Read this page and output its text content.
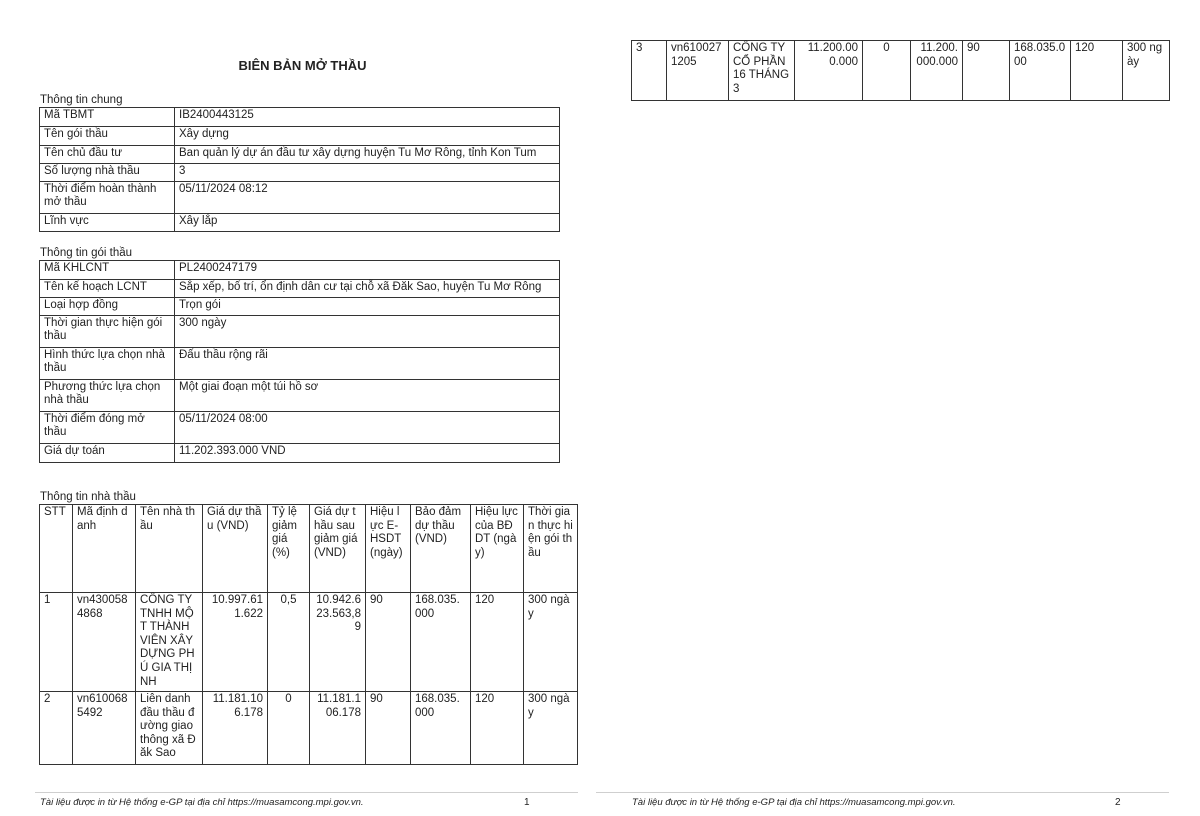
BIÊN BẢN MỞ THẦU
Thông tin chung
Mã TBMT	IB2400443125
Tên gói thầu	Xây dựng
Tên chủ đầu tư	Ban quản lý dự án đầu tư xây dựng huyện Tu Mơ Rông, tỉnh Kon Tum
Số lượng nhà thầu	3
Thời điểm hoàn thành mở thầu	05/11/2024 08:12
Lĩnh vực	Xây lắp
Thông tin gói thầu
Mã KHLCNT	PL2400247179
Tên kế hoạch LCNT	Sắp xếp, bố trí, ổn định dân cư tại chỗ xã Đăk Sao, huyện Tu Mơ Rông
Loại hợp đồng	Trọn gói
Thời gian thực hiện gói thầu	300 ngày
Hình thức lựa chọn nhà thầu	Đấu thầu rộng rãi
Phương thức lựa chọn nhà thầu	Một giai đoạn một túi hồ sơ
Thời điểm đóng mở thầu	05/11/2024 08:00
Giá dự toán	11.202.393.000 VND
Thông tin nhà thầu
STT	Mã định danh	Tên nhà thầu	Giá dự thầu (VND)	Tỷ lệ giảm giá (%)	Giá dự thầu sau giảm giá (VND)	Hiệu lực E-HSDT (ngày)	Bảo đảm dự thầu (VND)	Hiệu lực của BĐ DT (ngày)	Thời gian thực hiện gói thầu
1	vn4300584868	CÔNG TY TNHH MỘT THÀNH VIÊN XÂY DỰNG PHÚ GIA THỊNH	10.997.611.622	0,5	10.942.623.563,89	90	168.035.000	120	300 ngày
2	vn6100685492	Liên danh đầu thầu đường giao thông xã Đăk Sao	11.181.106.178	0	11.181.106.178	90	168.035.000	120	300 ngày
Tài liệu được in từ Hệ thống e-GP tại địa chỉ https://muasamcong.mpi.gov.vn.	1
3	vn6100271205	CÔNG TY CỔ PHẦN 16 THÁNG 3	11.200.000.000	0	11.200.000.000	90	168.035.000	120	300 ngày
Tài liệu được in từ Hệ thống e-GP tại địa chỉ https://muasamcong.mpi.gov.vn.	2
